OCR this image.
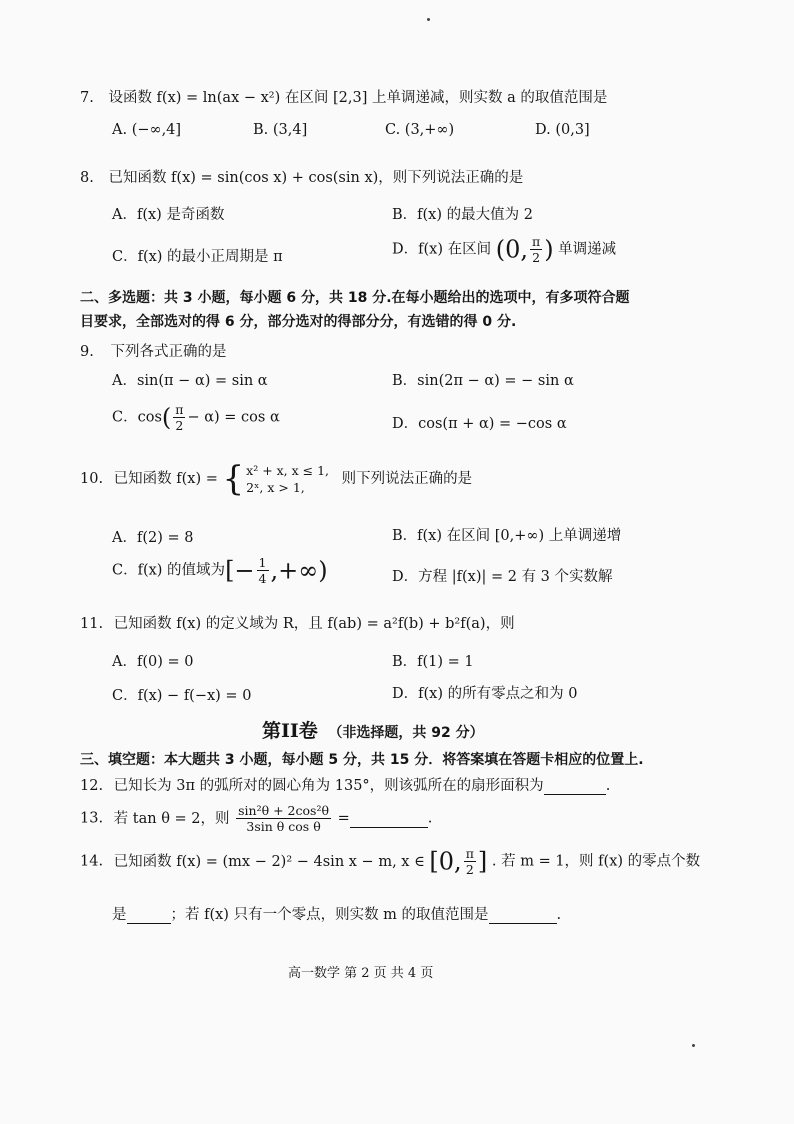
7. 设函数 f(x) = ln(ax − x²) 在区间 [2,3] 上单调递减，则实数 a 的取值范围是
A. (−∞,4]	B. (3,4]	C. (3,+∞)	D. (0,3]
8. 已知函数 f(x) = sin(cos x) + cos(sin x)，则下列说法正确的是
A．f(x) 是奇函数	B．f(x) 的最大值为 2
C．f(x) 的最小正周期是 π	D．f(x) 在区间 (0, $\frac{\pi}{2}$ ) 单调递减
二、多选题：共 3 小题，每小题 6 分，共 18 分.在每小题给出的选项中，有多项符合题
目要求，全部选对的得 6 分，部分选对的得部分分，有选错的得 0 分.
9. 下列各式正确的是
A．sin(π − α) = sin α	B．sin(2π − α) = − sin α
C．$\cos( \frac{\pi}{2} - \alpha) = \cos \alpha$	D．cos(π + α) = −cos α
10. 已知函数 f(x) = { x² + x, x ≤ 1,
2ˣ, x > 1,
则下列说法正确的是
A．f(2) = 8	B．f(x) 在区间 [0,+∞) 上单调递增
C．f(x) 的值域为[− $\frac{1}{4}$ ,+∞)	D．方程 |f(x)| = 2 有 3 个实数解
11. 已知函数 f(x) 的定义域为 R，且 f(ab) = a²f(b) + b²f(a)，则
A．f(0) = 0	B．f(1) = 1
C．f(x) − f(−x) = 0	D．f(x) 的所有零点之和为 0
第II卷 （非选择题，共 92 分）
三、填空题：本大题共 3 小题，每小题 5 分，共 15 分．将答案填在答题卡相应的位置上.
12. 已知长为 3π 的弧所对的圆心角为 135°，则该弧所在的扇形面积为	.
13. 若 tan θ = 2，则 $\frac{\text{sin²θ + 2cos²θ}}{\text{3sin θ cos θ}}$ =	.
14. 已知函数 f(x) = (mx − 2)² − 4sin x − m, x ∈ [0, $\frac{\pi}{2}$ ] . 若 m = 1，则 f(x) 的零点个数
是	；若 f(x) 只有一个零点，则实数 m 的取值范围是	.
高一数学 第 2 页 共 4 页
